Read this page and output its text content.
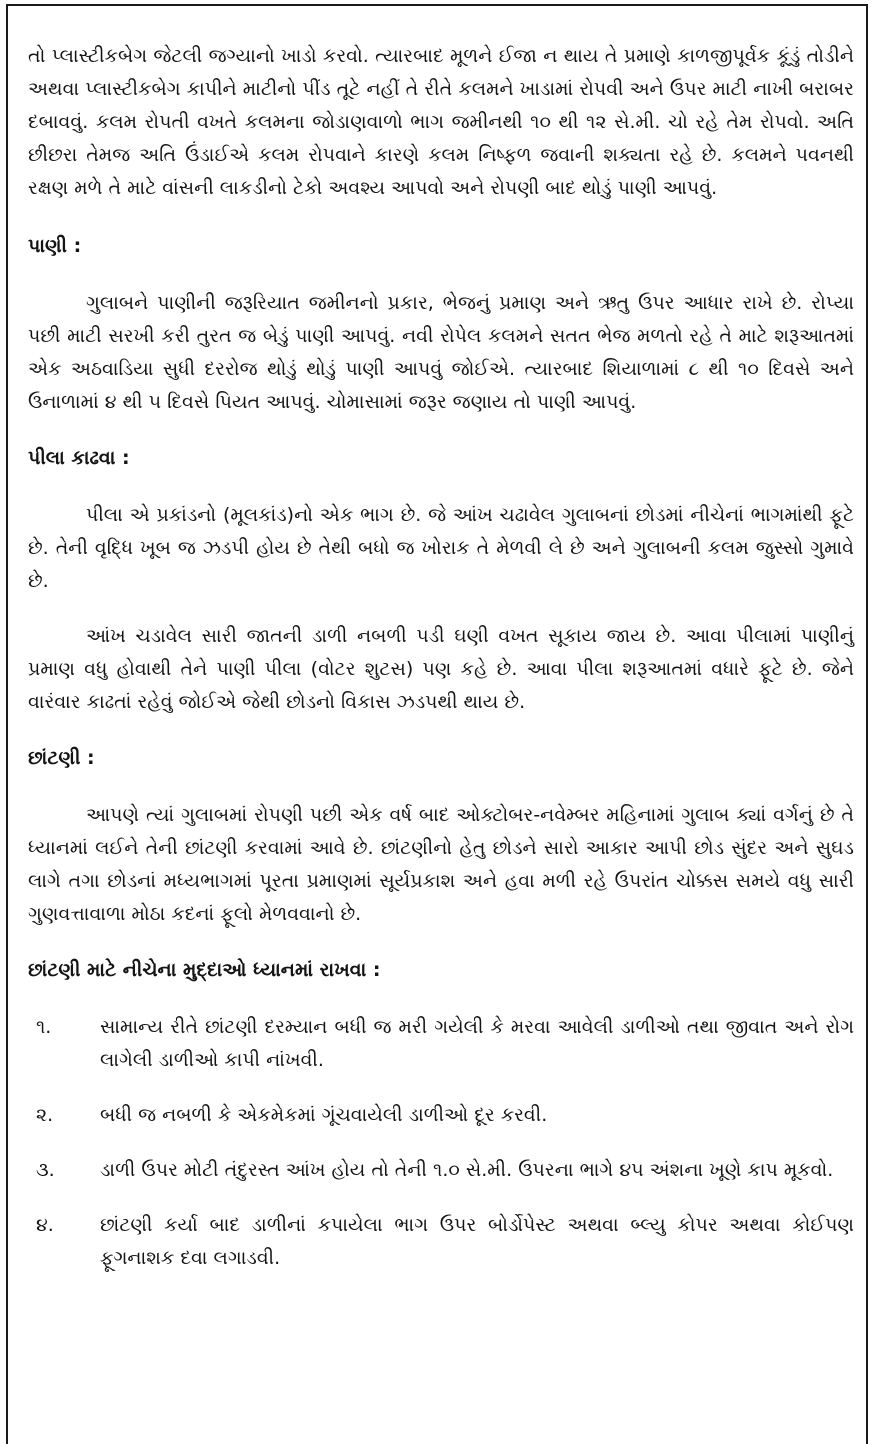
તો પ્લાસ્ટીકબેગ જેટલી જગ્યાનો ખાડો કરવો. ત્યારબાદ મૂળને ઈજા ન થાય તે પ્રમાણે કાળજીપૂર્વક કૂંડું તોડીને અથવા પ્લાસ્ટીકબેગ કાપીને માટીનો પીંડ તૂટે નહીં તે રીતે કલમને ખાડામાં રોપવી અને ઉપર માટી નાખી બરાબર દબાવવું. કલમ રોપતી વખતે કલમના જોડાણવાળો ભાગ જમીનથી ૧૦ થી ૧૨ સે.મી. ચો રહે તેમ રોપવો. અતિ છીછરા તેમજ અતિ ઉંડાઈએ કલમ રોપવાને કારણે કલમ નિષ્ફળ જવાની શક્યતા રહે છે. કલમને પવનથી રક્ષણ મળે તે માટે વાંસની લાકડીનો ટેકો અવશ્ય આપવો અને રોપણી બાદ થોડું પાણી આપવું.

પાણી :

ગુલાબને પાણીની જરૂરિયાત જમીનનો પ્રકાર, ભેજનું પ્રમાણ અને ઋતુ ઉપર આધાર રાખે છે. રોપ્યા પછી માટી સરખી કરી તુરત જ બેડું પાણી આપવું. નવી રોપેલ કલમને સતત ભેજ મળતો રહે તે માટે શરૂઆતમાં એક અઠવાડિયા સુધી દરરોજ થોડું થોડું પાણી આપવું જોઈએ. ત્યારબાદ શિયાળામાં ૮ થી ૧૦ દિવસે અને ઉનાળામાં ૪ થી ૫ દિવસે પિયત આપવું. ચોમાસામાં જરૂર જણાય તો પાણી આપવું.

પીલા કાઢવા :

પીલા એ પ્રકાંડનો (મૂલકાંડ)નો એક ભાગ છે. જે આંખ ચઢાવેલ ગુલાબનાં છોડમાં નીચેનાં ભાગમાંથી ફૂટે છે. તેની વૃદ્ધિ ખૂબ જ ઝડપી હોય છે તેથી બધો જ ખોરાક તે મેળવી લે છે અને ગુલાબની કલમ જુસ્સો ગુમાવે છે.

આંખ ચડાવેલ સારી જાતની ડાળી નબળી પડી ઘણી વખત સૂકાય જાય છે. આવા પીલામાં પાણીનું પ્રમાણ વધુ હોવાથી તેને પાણી પીલા (વોટર શુટસ) પણ કહે છે. આવા પીલા શરૂઆતમાં વધારે ફૂટે છે. જેને વારંવાર કાઢતાં રહેવું જોઈએ જેથી છોડનો વિકાસ ઝડપથી થાય છે.

છાંટણી :

આપણે ત્યાં ગુલાબમાં રોપણી પછી એક વર્ષ બાદ ઓક્ટોબર-નવેમ્બર મહિનામાં ગુલાબ ક્યાં વર્ગનું છે તે ધ્યાનમાં લઈને તેની છાંટણી કરવામાં આવે છે. છાંટણીનો હેતુ છોડને સારો આકાર આપી છોડ સુંદર અને સુઘડ લાગે તગા છોડનાં મધ્યભાગમાં પૂરતા પ્રમાણમાં સૂર્યપ્રકાશ અને હવા મળી રહે ઉપરાંત ચોક્કસ સમયે વધુ સારી ગુણવત્તાવાળા મોઠા કદનાં ફૂલો મેળવવાનો છે.

છાંટણી માટે નીચેના મુદ્દાઓ ધ્યાનમાં રાખવા :

૧.	સામાન્ય રીતે છાંટણી દરમ્યાન બધી જ મરી ગયેલી કે મરવા આવેલી ડાળીઓ તથા જીવાત અને રોગ લાગેલી ડાળીઓ કાપી નાંખવી.
૨.	બધી જ નબળી કે એકમેકમાં ગૂંચવાયેલી ડાળીઓ દૂર કરવી.
૩.	ડાળી ઉપર મોટી તંદુરસ્ત આંખ હોય તો તેની ૧.૦ સે.મી. ઉપરના ભાગે ૪૫ અંશના ખૂણે કાપ મૂકવો.
૪.	છાંટણી કર્યા બાદ ડાળીનાં કપાયેલા ભાગ ઉપર બોર્ડોપેસ્ટ અથવા બ્લ્યુ કોપર અથવા કોઈપણ ફૂગનાશક દવા લગાડવી.
